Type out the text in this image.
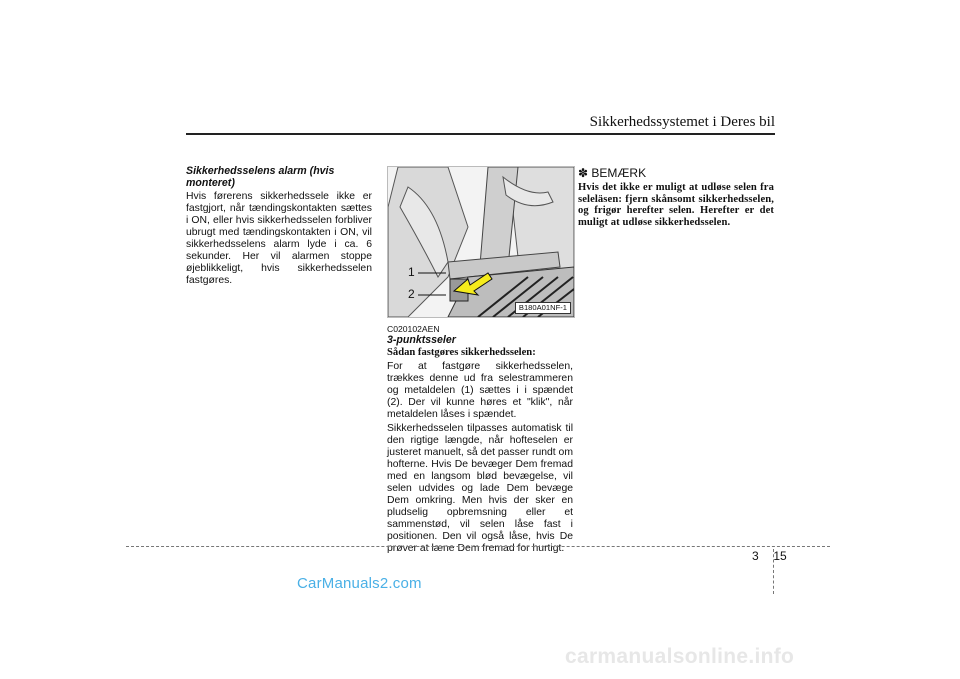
Sikkerhedssystemet i Deres bil
Sikkerhedsselens alarm (hvis monteret)

Hvis førerens sikkerhedssele ikke er fastgjort, når tændingskontakten sættes i ON, eller hvis sikkerhedsselen forbliver ubrugt med tændingskontakten i ON, vil sikkerhedsselens alarm lyde i ca. 6 sekunder. Her vil alarmen stoppe øjeblikkeligt, hvis sikkerhedsselen fastgøres.

1
2
B180A01NF-1
C020102AEN
3-punktsseler
Sådan fastgøres sikkerhedsselen:

For at fastgøre sikkerhedsselen, trækkes denne ud fra selestrammeren og metaldelen (1) sættes i i spændet (2). Der vil kunne høres et "klik", når metaldelen låses i spændet.

Sikkerhedsselen tilpasses automatisk til den rigtige længde, når hofteselen er justeret manuelt, så det passer rundt om hofterne. Hvis De bevæger Dem fremad med en langsom blød bevægelse, vil selen udvides og lade Dem bevæge Dem omkring. Men hvis der sker en pludselig opbremsning eller et sammenstød, vil selen låse fast i positionen. Den vil også låse, hvis De prøver at læne Dem fremad for hurtigt.

✽ BEMÆRK
Hvis det ikke er muligt at udløse selen fra seleläsen: fjern skånsomt sikkerhedsselen, og frigør herefter selen. Herefter er det muligt at udløse sikkerhedsselen.
3 15
CarManuals2.com
carmanualsonline.info
